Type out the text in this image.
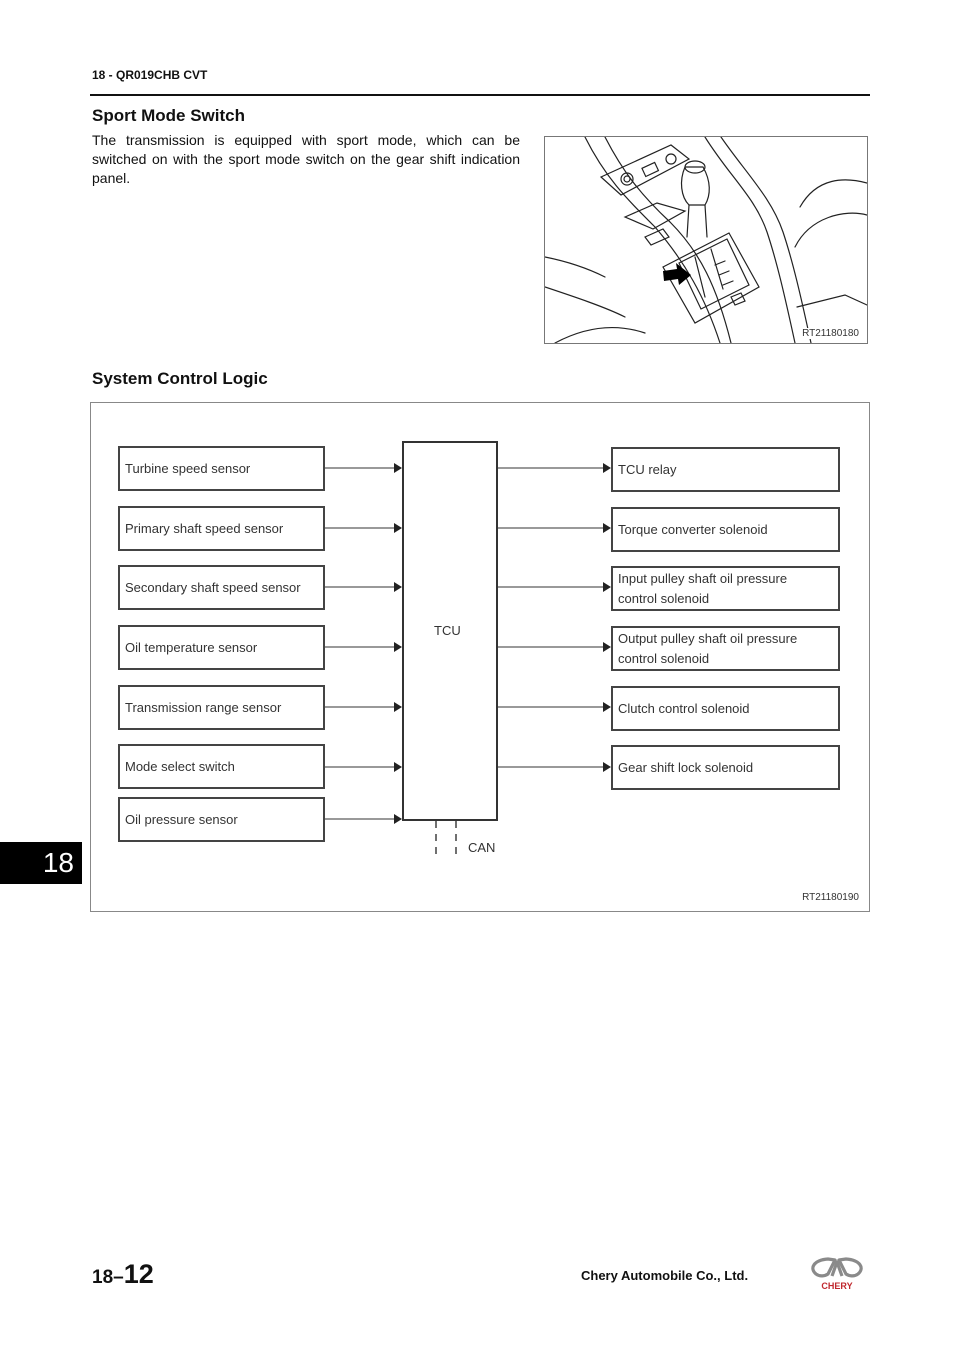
18 - QR019CHB CVT
Sport Mode Switch
The transmission is equipped with sport mode, which can be switched on with the sport mode switch on the gear shift indication panel.
RT21180180
System Control Logic
Turbine speed sensor
Primary shaft speed sensor
Secondary shaft speed sensor
Oil temperature sensor
Transmission range sensor
Mode select switch
Oil pressure sensor
TCU
CAN
TCU relay
Torque converter solenoid
Input pulley shaft oil pressure
control solenoid
Output pulley shaft oil pressure
control solenoid
Clutch control solenoid
Gear shift lock solenoid
RT21180190
18
18–12	Chery Automobile Co., Ltd.
CHERY
